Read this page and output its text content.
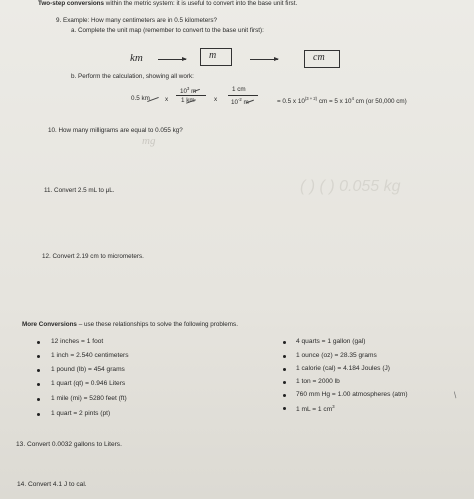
Two-step conversions within the metric system: it is useful to convert into the base unit first.
9. Example: How many centimeters are in 0.5 kilometers?
a. Complete the unit map (remember to convert to the base unit first):
km	m	cm
b. Perform the calculation, showing all work:
0.5 km x
$10^3$ m
1 km	x
1 cm
$10^{-2}$ m	= 0.5 x $10^{(3 + 2)}$ cm = 5 x $10^4$ cm (or 50,000 cm)
10. How many milligrams are equal to 0.055 kg?
mg
( ) ( ) 0.055 kg
11. Convert 2.5 mL to μL.
12. Convert 2.19 cm to micrometers.
More Conversions – use these relationships to solve the following problems.
12 inches = 1 foot
1 inch = 2.540 centimeters
1 pound (lb) = 454 grams
1 quart (qt) = 0.946 Liters
1 mile (mi) = 5280 feet (ft)
1 quart = 2 pints (pt)
4 quarts = 1 gallon (gal)
1 ounce (oz) = 28.35 grams
1 calorie (cal) = 4.184 Joules (J)
1 ton = 2000 lb
760 mm Hg = 1.00 atmospheres (atm)	/
1 mL = 1 $cm^3$
13. Convert 0.0032 gallons to Liters.
14. Convert 4.1 J to cal.
